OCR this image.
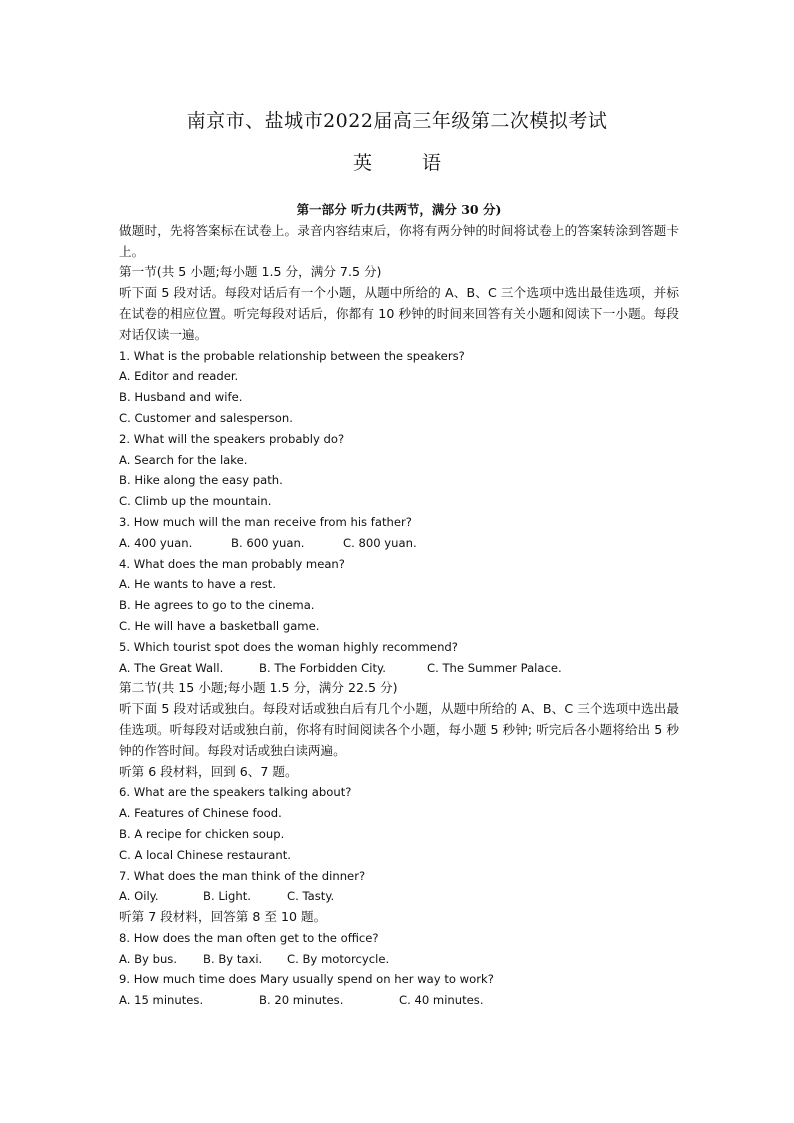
南京市、盐城市2022届高三年级第二次模拟考试
英 语
第一部分 听力(共两节，满分 30 分)
做题时，先将答案标在试卷上。录音内容结束后，你将有两分钟的时间将试卷上的答案转涂到答题卡上。
第一节(共 5 小题;每小题 1.5 分，满分 7.5 分)
听下面 5 段对话。每段对话后有一个小题，从题中所给的 A、B、C 三个选项中选出最佳选项，并标在试卷的相应位置。听完每段对话后，你都有 10 秒钟的时间来回答有关小题和阅读下一小题。每段对话仅读一遍。
1. What is the probable relationship between the speakers?
A. Editor and reader.
B. Husband and wife.
C. Customer and salesperson.
2. What will the speakers probably do?
A. Search for the lake.
B. Hike along the easy path.
C. Climb up the mountain.
3. How much will the man receive from his father?
A. 400 yuan.	B. 600 yuan.	C. 800 yuan.
4. What does the man probably mean?
A. He wants to have a rest.
B. He agrees to go to the cinema.
C. He will have a basketball game.
5. Which tourist spot does the woman highly recommend?
A. The Great Wall.	B. The Forbidden City.	C. The Summer Palace.
第二节(共 15 小题;每小题 1.5 分，满分 22.5 分)
听下面 5 段对话或独白。每段对话或独白后有几个小题，从题中所给的 A、B、C 三个选项中选出最佳选项。听每段对话或独白前，你将有时间阅读各个小题，每小题 5 秒钟; 听完后各小题将给出 5 秒钟的作答时间。每段对话或独白读两遍。
听第 6 段材料，回到 6、7 题。
6. What are the speakers talking about?
A. Features of Chinese food.
B. A recipe for chicken soup.
C. A local Chinese restaurant.
7. What does the man think of the dinner?
A. Oily.	B. Light.	C. Tasty.
听第 7 段材料，回答第 8 至 10 题。
8. How does the man often get to the office?
A. By bus.	B. By taxi.	C. By motorcycle.
9. How much time does Mary usually spend on her way to work?
A. 15 minutes.	B. 20 minutes.	C. 40 minutes.
